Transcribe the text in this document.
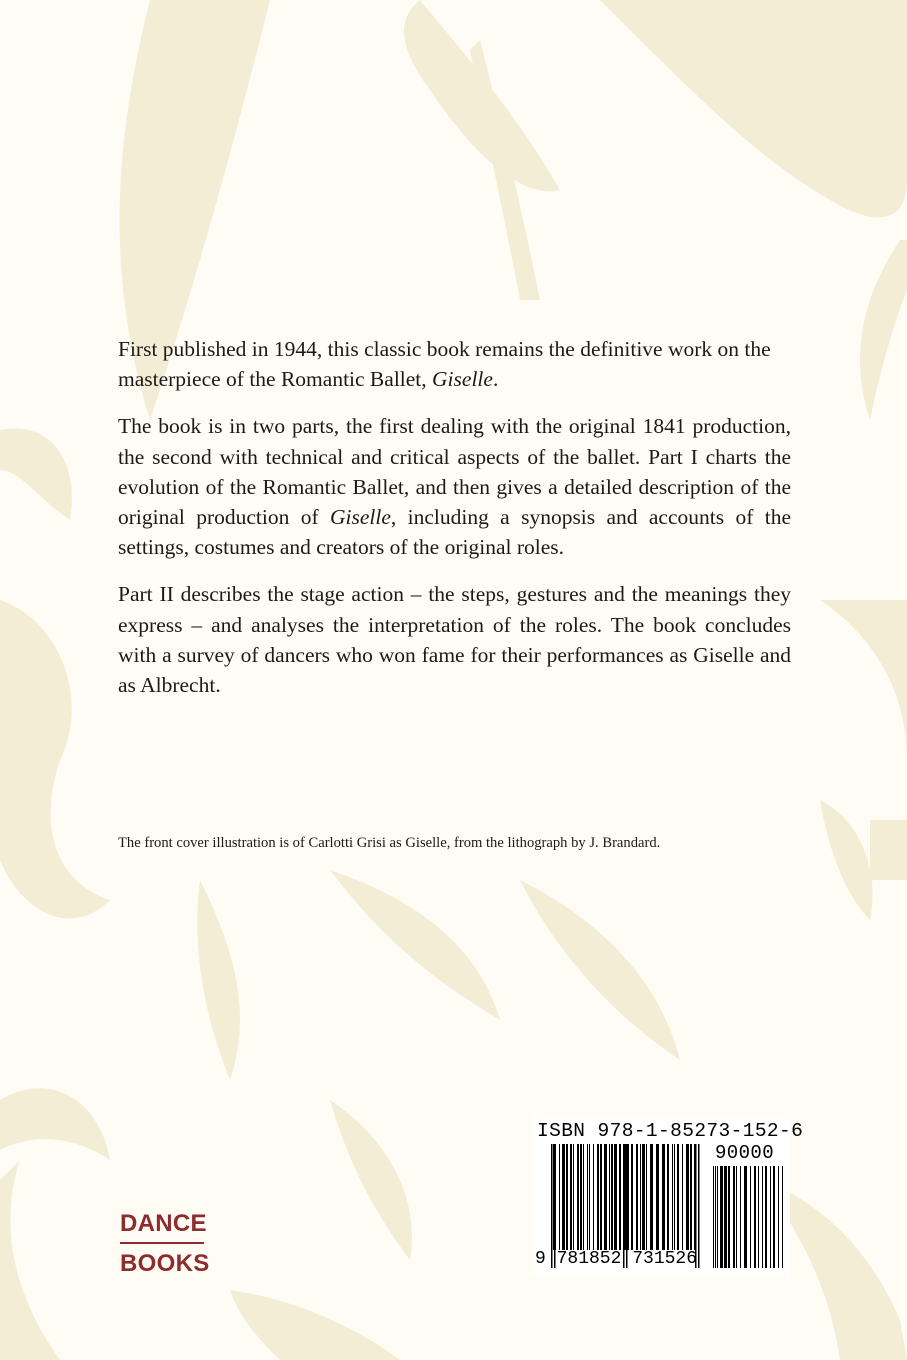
First published in 1944, this classic book remains the definitive work on the masterpiece of the Romantic Ballet, Giselle.

The book is in two parts, the first dealing with the original 1841 production, the second with technical and critical aspects of the ballet. Part I charts the evolution of the Romantic Ballet, and then gives a detailed description of the original production of Giselle, including a synopsis and accounts of the settings, costumes and creators of the original roles.

Part II describes the stage action – the steps, gestures and the meanings they express – and analyses the interpretation of the roles. The book concludes with a survey of dancers who won fame for their performances as Giselle and as Albrecht.

The front cover illustration is of Carlotti Grisi as Giselle, from the lithograph by J. Brandard.
DANCE
BOOKS
ISBN 978-1-85273-152-6
90000
9 781852 731526
